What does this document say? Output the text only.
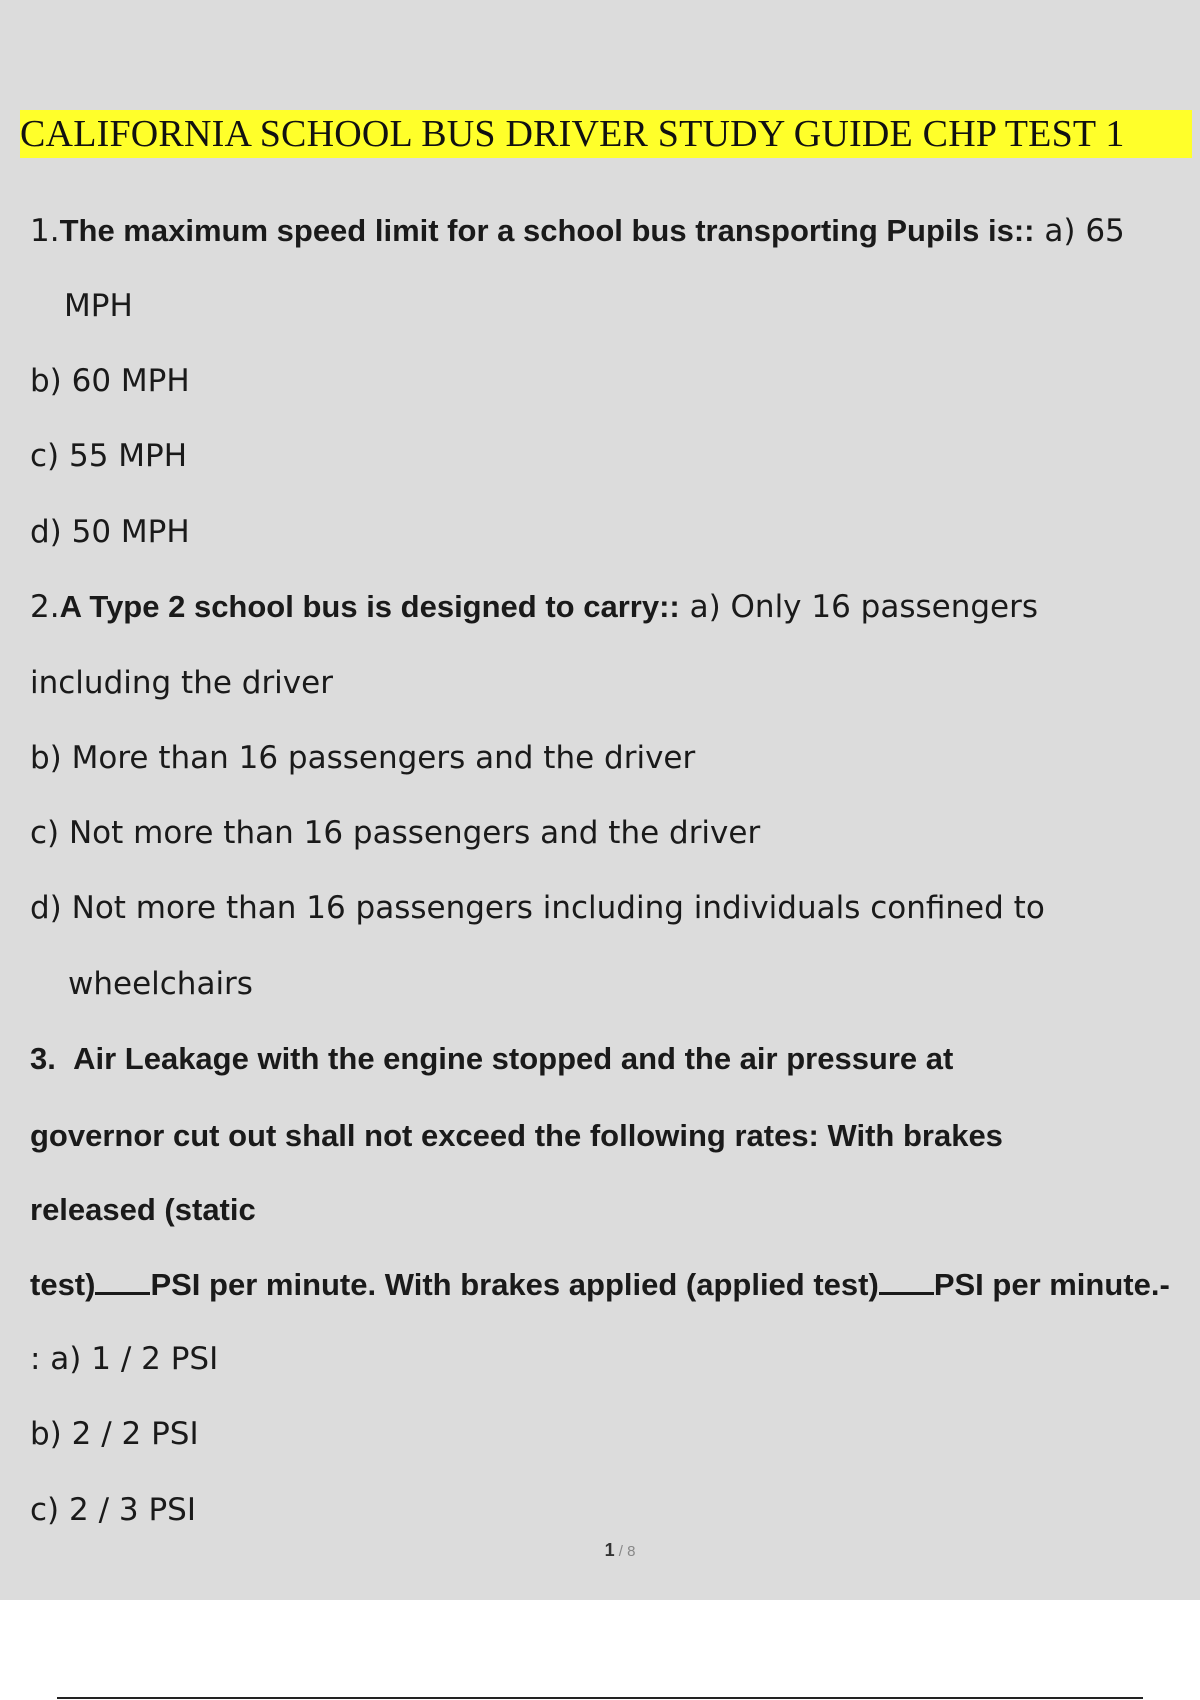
CALIFORNIA SCHOOL BUS DRIVER STUDY GUIDE CHP TEST 1
1.The maximum speed limit for a school bus transporting Pupils is:: a) 65
MPH
b) 60 MPH
c) 55 MPH
d) 50 MPH
2.A Type 2 school bus is designed to carry:: a) Only 16 passengers
including the driver
b) More than 16 passengers and the driver
c) Not more than 16 passengers and the driver
d) Not more than 16 passengers including individuals confined to
wheelchairs
3. Air Leakage with the engine stopped and the air pressure at
governor cut out shall not exceed the following rates: With brakes
released (static
test) PSI per minute. With brakes applied (applied test) PSI per minute.-
: a) 1 / 2 PSI
b) 2 / 2 PSI
c) 2 / 3 PSI
1 / 8
